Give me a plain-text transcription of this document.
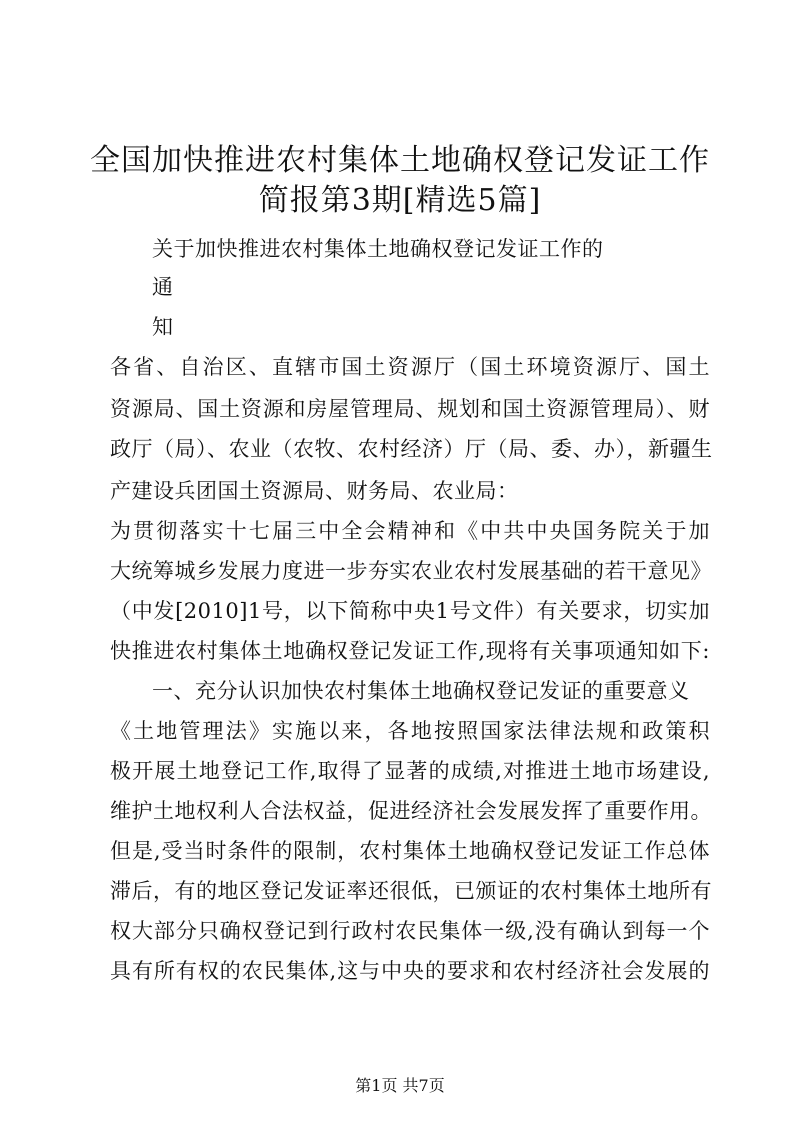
全国加快推进农村集体土地确权登记发证工作
简报第3期[精选5篇]
关于加快推进农村集体土地确权登记发证工作的
通
知
各省、自治区、直辖市国土资源厅（国土环境资源厅、国土
资源局、国土资源和房屋管理局、规划和国土资源管理局）、财
政厅（局）、农业（农牧、农村经济）厅（局、委、办），新疆生
产建设兵团国土资源局、财务局、农业局：
为贯彻落实十七届三中全会精神和《中共中央国务院关于加
大统筹城乡发展力度进一步夯实农业农村发展基础的若干意见》
（中发[2010]1号，以下简称中央1号文件）有关要求，切实加
快推进农村集体土地确权登记发证工作,现将有关事项通知如下:
一、充分认识加快农村集体土地确权登记发证的重要意义
《土地管理法》实施以来，各地按照国家法律法规和政策积
极开展土地登记工作,取得了显著的成绩,对推进土地市场建设,
维护土地权利人合法权益，促进经济社会发展发挥了重要作用。
但是,受当时条件的限制，农村集体土地确权登记发证工作总体
滞后，有的地区登记发证率还很低，已颁证的农村集体土地所有
权大部分只确权登记到行政村农民集体一级,没有确认到每一个
具有所有权的农民集体,这与中央的要求和农村经济社会发展的
第1页 共7页
